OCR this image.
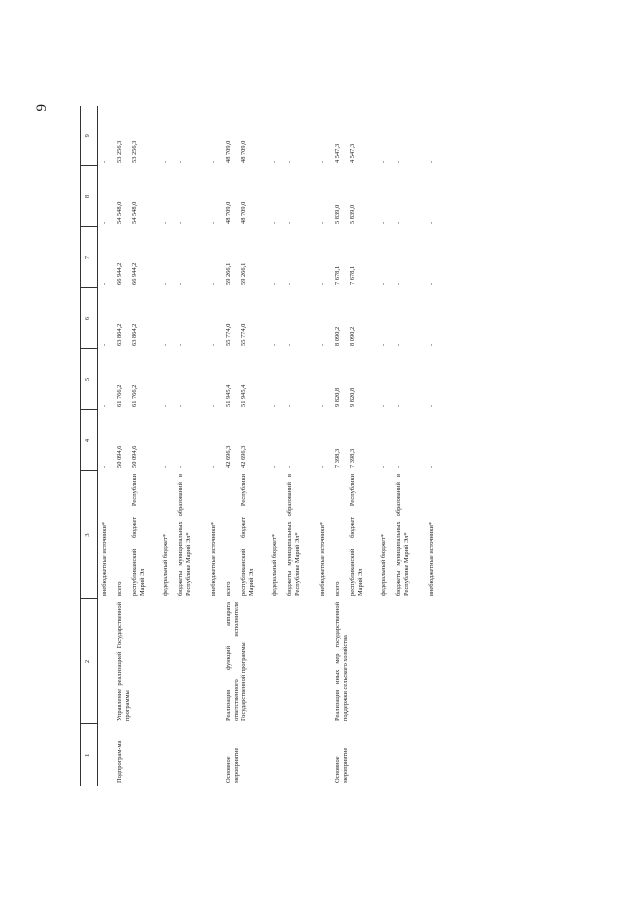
9
1	2	3	4	5	6	7	8	9
		внебюджетные источники*	-	-	-	-	-	-
Подпрограм-ма	Управление реализацией Государственной программы	всего	50 094,6	61 766,2	63 864,2	66 944,2	54 548,0	53 256,3
		республиканский бюджет Республики Марий Эл	50 094,6	61 766,2	63 864,2	66 944,2	54 548,0	53 256,3
		федеральный бюджет*	-	-	-	-	-	-
		бюджеты муниципальных образований в Республике Марий Эл*	-	-	-	-	-	-
		внебюджетные источники*	-	-	-	-	-	-
Основное мероприятие	Реализация функций аппарата ответственного исполнителя Государственной программы	всего	42 696,3	51 945,4	55 774,0	59 266,1	48 709,0	48 709,0
		республиканский бюджет Республики Марий Эл	42 696,3	51 945,4	55 774,0	59 266,1	48 709,0	48 709,0
		федеральный бюджет*	-	-	-	-	-	-
		бюджеты муниципальных образований в Республике Марий Эл*	-	-	-	-	-	-
		внебюджетные источники*	-	-	-	-	-	-
Основное мероприятие	Реализация иных мер государственной поддержки сельского хозяйства	всего	7 398,3	9 820,8	8 090,2	7 678,1	5 839,0	4 547,3
		республиканский бюджет Республики Марий Эл	7 398,3	9 820,8	8 090,2	7 678,1	5 839,0	4 547,3
		федеральный бюджет*	-	-	-	-	-	-
		бюджеты муниципальных образований в Республике Марий Эл*	-	-	-	-	-	-
		внебюджетные источники*	-	-	-	-	-	-
